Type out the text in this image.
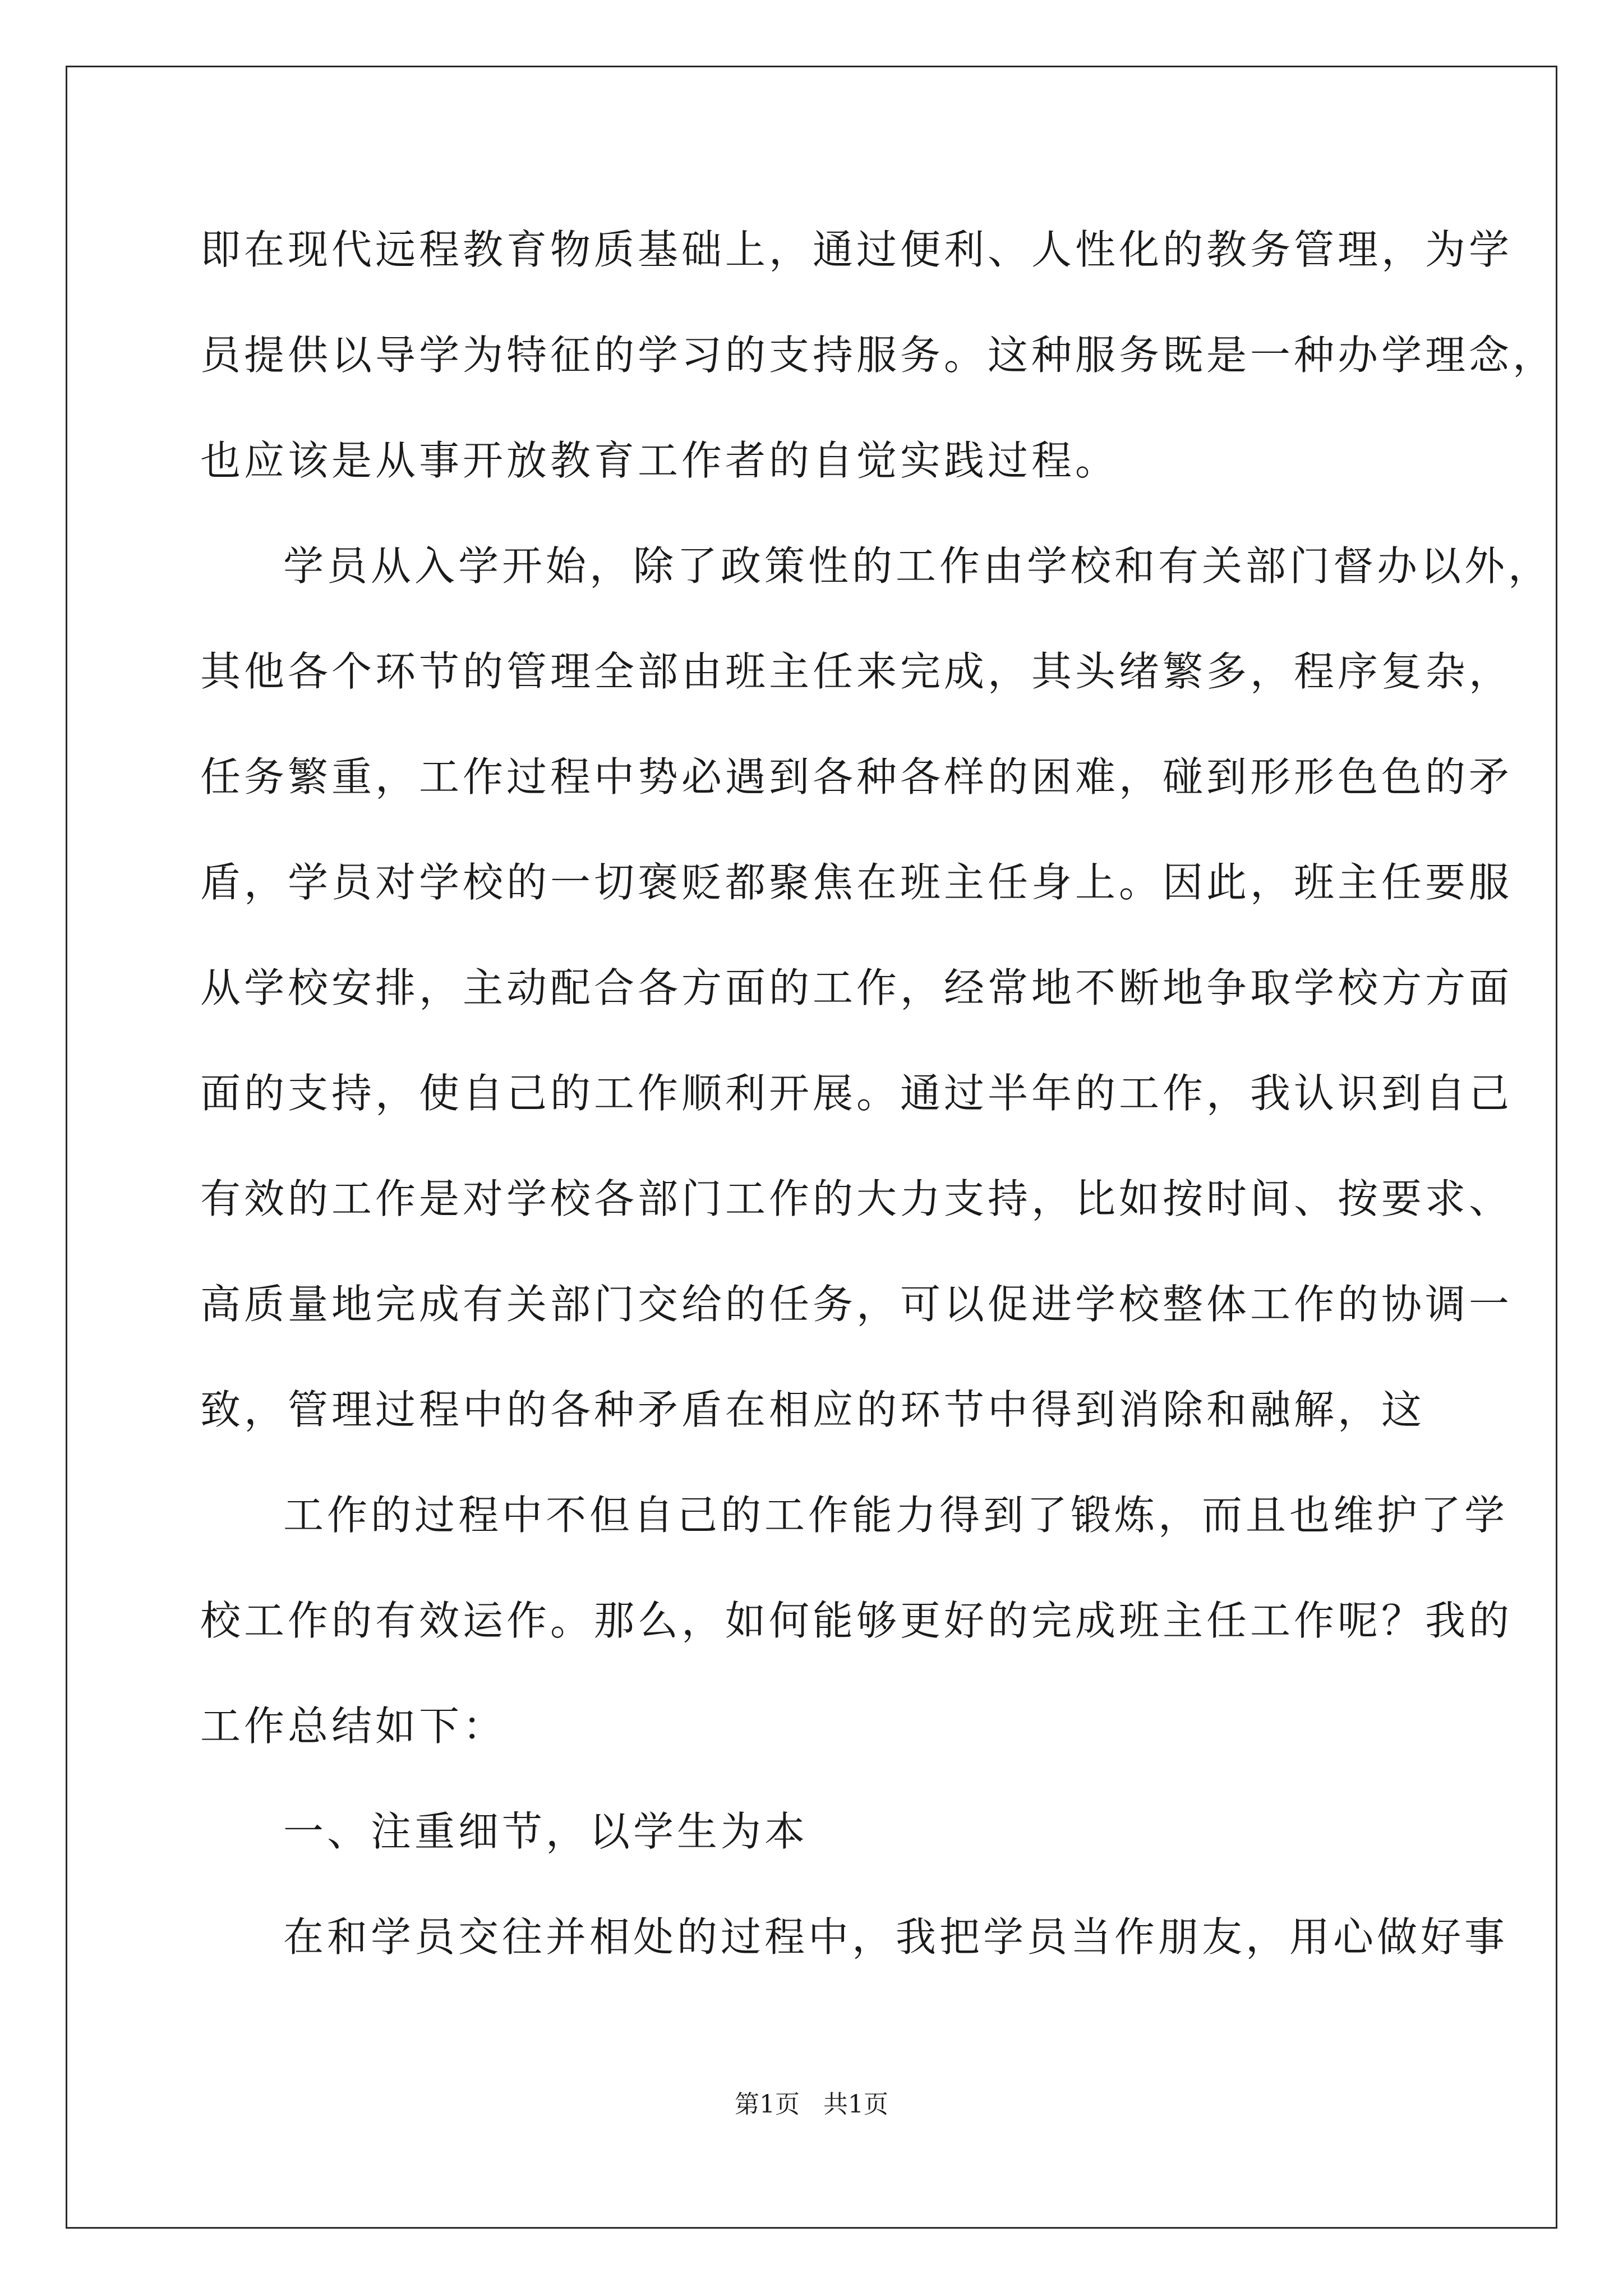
即在现代远程教育物质基础上，通过便利、人性化的教务管理，为学
员提供以导学为特征的学习的支持服务。这种服务既是一种办学理念，
也应该是从事开放教育工作者的自觉实践过程。
学员从入学开始，除了政策性的工作由学校和有关部门督办以外，
其他各个环节的管理全部由班主任来完成，其头绪繁多，程序复杂，
任务繁重，工作过程中势必遇到各种各样的困难，碰到形形色色的矛
盾，学员对学校的一切褒贬都聚焦在班主任身上。因此，班主任要服
从学校安排，主动配合各方面的工作，经常地不断地争取学校方方面
面的支持，使自己的工作顺利开展。通过半年的工作，我认识到自己
有效的工作是对学校各部门工作的大力支持，比如按时间、按要求、
高质量地完成有关部门交给的任务，可以促进学校整体工作的协调一
致，管理过程中的各种矛盾在相应的环节中得到消除和融解，这
工作的过程中不但自己的工作能力得到了锻炼，而且也维护了学
校工作的有效运作。那么，如何能够更好的完成班主任工作呢？我的
工作总结如下：
一、注重细节，以学生为本
在和学员交往并相处的过程中，我把学员当作朋友，用心做好事
第1页   共1页
